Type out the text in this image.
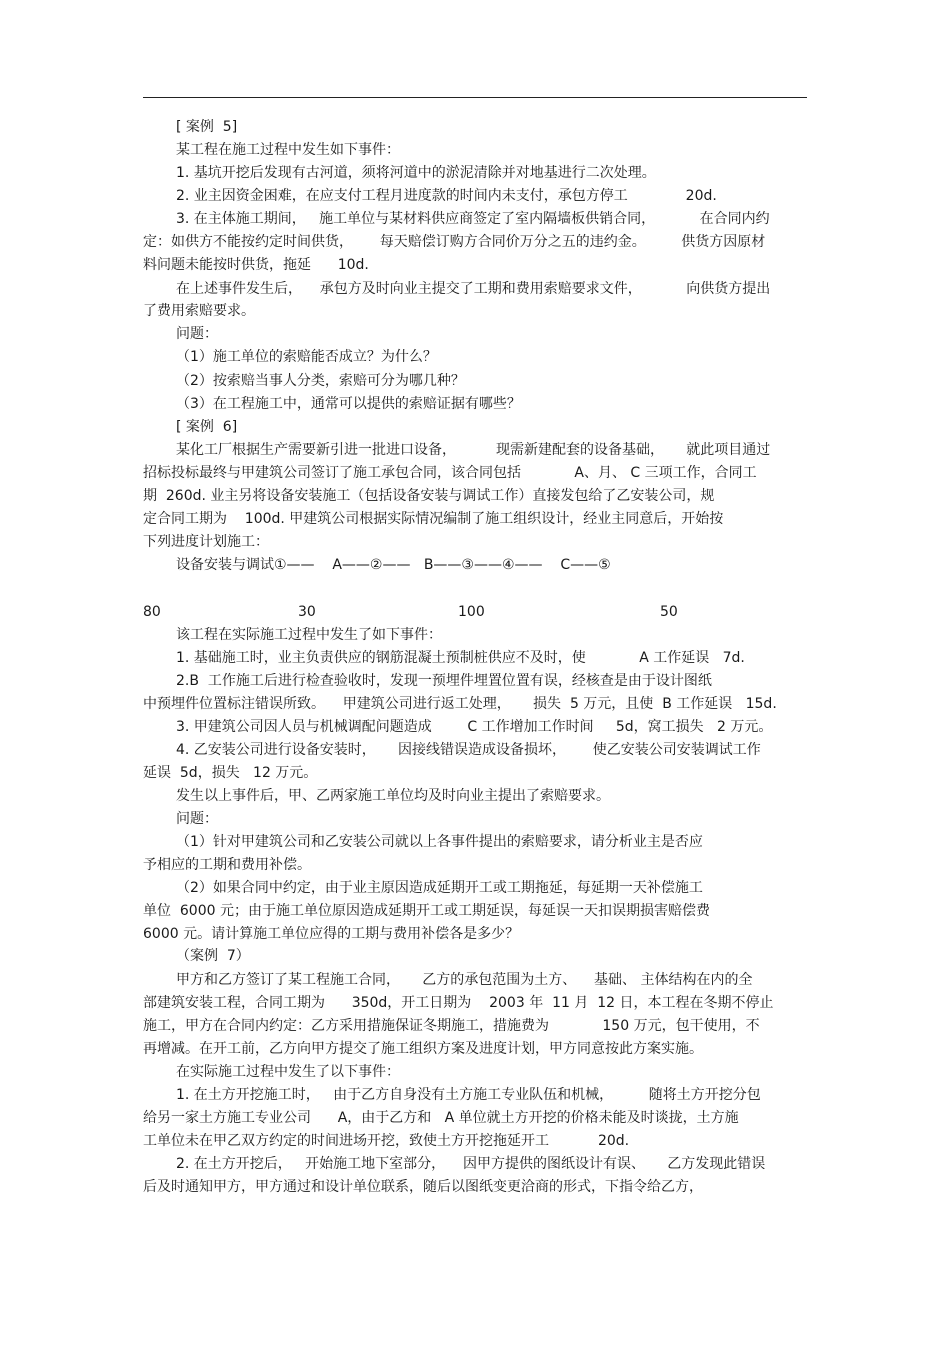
[ 案例  5]

某工程在施工过程中发生如下事件：

1. 基坑开挖后发现有古河道，须将河道中的淤泥清除并对地基进行二次处理。

2. 业主因资金困难，在应支付工程月进度款的时间内未支付，承包方停工             20d.

3. 在主体施工期间，   施工单位与某材料供应商签定了室内隔墙板供销合同，          在合同内约

定：如供方不能按约定时间供货，      每天赔偿订购方合同价万分之五的违约金。        供货方因原材

料问题未能按时供货，拖延      10d.

在上述事件发生后，    承包方及时向业主提交了工期和费用索赔要求文件，          向供货方提出

了费用索赔要求。

问题：

（1）施工单位的索赔能否成立？为什么？

（2）按索赔当事人分类，索赔可分为哪几种？

（3）在工程施工中，通常可以提供的索赔证据有哪些？

[ 案例  6]

某化工厂根据生产需要新引进一批进口设备，         现需新建配套的设备基础，     就此项目通过

招标投标最终与甲建筑公司签订了施工承包合同，该合同包括            A、月、 C 三项工作，合同工

期  260d. 业主另将设备安装施工（包括设备安装与调试工作）直接发包给了乙安装公司，规

定合同工期为    100d. 甲建筑公司根据实际情况编制了施工组织设计，经业主同意后，开始按

下列进度计划施工：

设备安装与调试①——    A——②——   B——③——④——    C——⑤

80

	30

	100

	50

该工程在实际施工过程中发生了如下事件：

1. 基础施工时，业主负责供应的钢筋混凝土预制桩供应不及时，使            A 工作延误   7d.

2.B  工作施工后进行检查验收时，发现一预埋件埋置位置有误，经核查是由于设计图纸

中预埋件位置标注错误所致。    甲建筑公司进行返工处理，     损失  5 万元，且使  B 工作延误   15d.

3. 甲建筑公司因人员与机械调配问题造成        C 工作增加工作时间     5d，窝工损失   2 万元。

4. 乙安装公司进行设备安装时，     因接线错误造成设备损坏，      使乙安装公司安装调试工作

延误  5d，损失   12 万元。

发生以上事件后，甲、乙两家施工单位均及时向业主提出了索赔要求。

问题：

（1）针对甲建筑公司和乙安装公司就以上各事件提出的索赔要求，请分析业主是否应

予相应的工期和费用补偿。

（2）如果合同中约定，由于业主原因造成延期开工或工期拖延，每延期一天补偿施工

单位  6000 元；由于施工单位原因造成延期开工或工期延误，每延误一天扣误期损害赔偿费

6000 元。请计算施工单位应得的工期与费用补偿各是多少？

（案例  7）

甲方和乙方签订了某工程施工合同，     乙方的承包范围为土方、    基础、 主体结构在内的全

部建筑安装工程，合同工期为      350d，开工日期为    2003 年  11 月  12 日，本工程在冬期不停止

施工，甲方在合同内约定：乙方采用措施保证冬期施工，措施费为            150 万元，包干使用，不

再增减。在开工前，乙方向甲方提交了施工组织方案及进度计划，甲方同意按此方案实施。

在实际施工过程中发生了以下事件：

1. 在土方开挖施工时，   由于乙方自身没有土方施工专业队伍和机械，        随将土方开挖分包

给另一家土方施工专业公司      A，由于乙方和   A 单位就土方开挖的价格未能及时谈拢，土方施

工单位未在甲乙双方约定的时间进场开挖，致使土方开挖拖延开工           20d.

2. 在土方开挖后，   开始施工地下室部分，    因甲方提供的图纸设计有误、     乙方发现此错误

后及时通知甲方，甲方通过和设计单位联系，随后以图纸变更洽商的形式，下指令给乙方，
